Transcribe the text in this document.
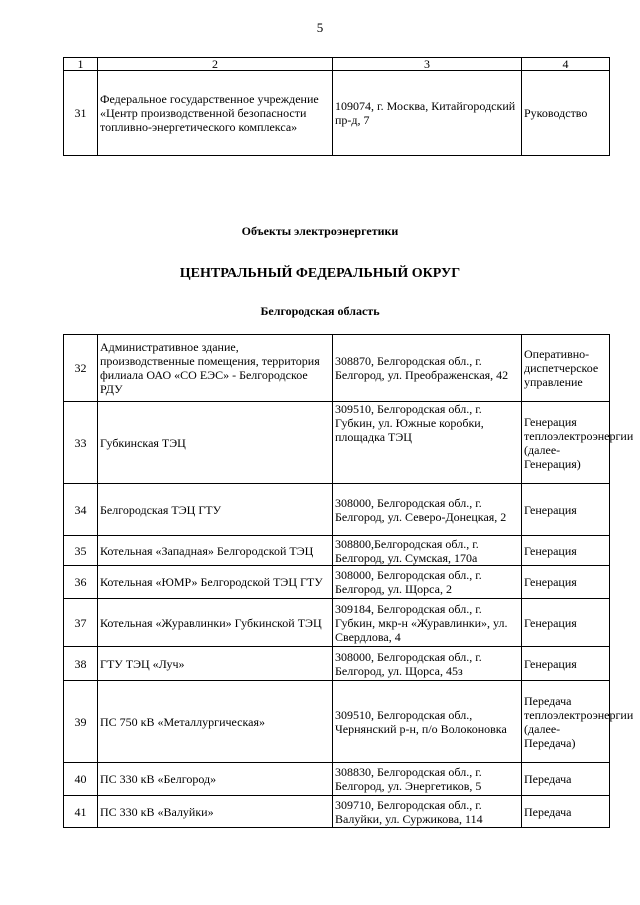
5
1	2	3	4
31	Федеральное государственное учреждение «Центр производственной безопасности топливно-энергетического комплекса»	109074, г. Москва, Китайгородский пр-д, 7	Руководство
Объекты электроэнергетики
ЦЕНТРАЛЬНЫЙ ФЕДЕРАЛЬНЫЙ ОКРУГ
Белгородская область
32	Административное здание, производственные помещения, территория филиала ОАО «СО ЕЭС» - Белгородское РДУ	308870, Белгородская обл., г. Белгород, ул. Преображенская, 42	Оперативно-диспетчерское управление
33	Губкинская ТЭЦ	309510, Белгородская обл., г. Губкин, ул. Южные коробки, площадка ТЭЦ	Генерация теплоэлектроэнергии (далее- Генерация)
34	Белгородская ТЭЦ ГТУ	308000, Белгородская обл., г. Белгород, ул. Северо-Донецкая, 2	Генерация
35	Котельная «Западная» Белгородской ТЭЦ	308800,Белгородская обл., г. Белгород, ул. Сумская, 170а	Генерация
36	Котельная «ЮМР» Белгородской ТЭЦ ГТУ	308000, Белгородская обл., г. Белгород, ул. Щорса, 2	Генерация
37	Котельная «Журавлинки» Губкинской ТЭЦ	309184, Белгородская обл., г. Губкин, мкр-н «Журавлинки», ул. Свердлова, 4	Генерация
38	ГТУ ТЭЦ «Луч»	308000, Белгородская обл., г. Белгород, ул. Щорса, 45з	Генерация
39	ПС 750 кВ «Металлургическая»	309510, Белгородская обл., Чернянский р-н, п/о Волоконовка	Передача теплоэлектроэнергии (далее- Передача)
40	ПС 330 кВ «Белгород»	308830, Белгородская обл., г. Белгород, ул. Энергетиков, 5	Передача
41	ПС 330 кВ «Валуйки»	309710, Белгородская обл., г. Валуйки, ул. Суржикова, 114	Передача
